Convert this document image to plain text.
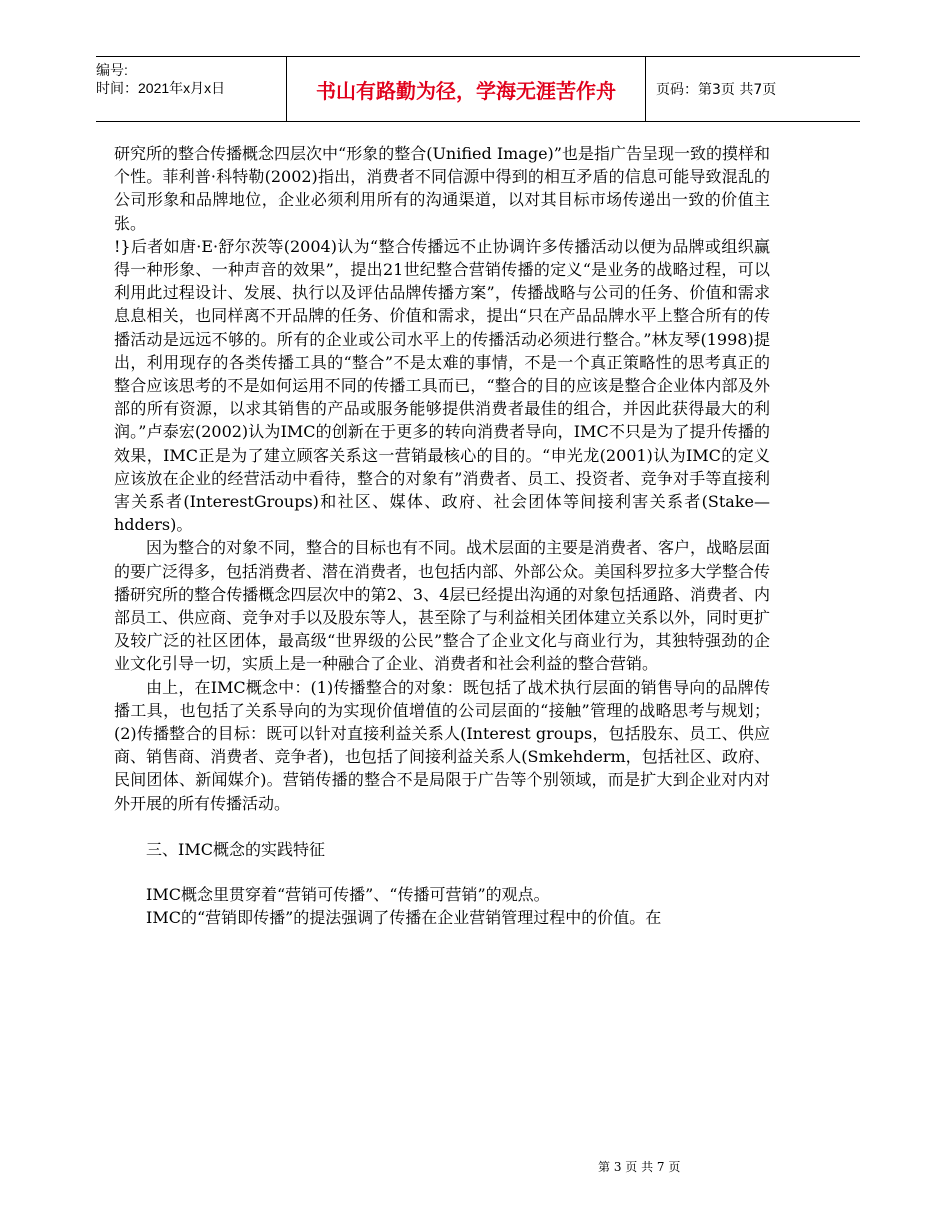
编号:
时间：2021年x月x日	书山有路勤为径，学海无涯苦作舟	页码：第3页 共7页

研究所的整合传播概念四层次中“形象的整合(Unified Image)”也是指广告呈现一致的摸样和个性。菲利普·科特勒(2002)指出，消费者不同信源中得到的相互矛盾的信息可能导致混乱的公司形象和品牌地位，企业必须利用所有的沟通渠道，以对其目标市场传递出一致的价值主张。

!}后者如唐·E·舒尔茨等(2004)认为“整合传播远不止协调许多传播活动以便为品牌或组织赢得一种形象、一种声音的效果”，提出21世纪整合营销传播的定义“是业务的战略过程，可以利用此过程设计、发展、执行以及评估品牌传播方案”，传播战略与公司的任务、价值和需求息息相关，也同样离不开品牌的任务、价值和需求，提出“只在产品品牌水平上整合所有的传播活动是远远不够的。所有的企业或公司水平上的传播活动必须进行整合。”林友琴(1998)提出，利用现存的各类传播工具的“整合”不是太难的事情，不是一个真正策略性的思考真正的整合应该思考的不是如何运用不同的传播工具而已，“整合的目的应该是整合企业体内部及外部的所有资源，以求其销售的产品或服务能够提供消费者最佳的组合，并因此获得最大的利润。”卢泰宏(2002)认为IMC的创新在于更多的转向消费者导向，IMC不只是为了提升传播的效果，IMC正是为了建立顾客关系这一营销最核心的目的。“申光龙(2001)认为IMC的定义应该放在企业的经营活动中看待，整合的对象有”消费者、员工、投资者、竞争对手等直接利害关系者(InterestGroups)和社区、媒体、政府、社会团体等间接利害关系者(Stake—hdders)。

因为整合的对象不同，整合的目标也有不同。战术层面的主要是消费者、客户，战略层面的要广泛得多，包括消费者、潜在消费者，也包括内部、外部公众。美国科罗拉多大学整合传播研究所的整合传播概念四层次中的第2、3、4层已经提出沟通的对象包括通路、消费者、内部员工、供应商、竞争对手以及股东等人，甚至除了与利益相关团体建立关系以外，同时更扩及较广泛的社区团体，最高级“世界级的公民”整合了企业文化与商业行为，其独特强劲的企业文化引导一切，实质上是一种融合了企业、消费者和社会利益的整合营销。

由上，在IMC概念中：(1)传播整合的对象：既包括了战术执行层面的销售导向的品牌传播工具，也包括了关系导向的为实现价值增值的公司层面的“接触”管理的战略思考与规划；(2)传播整合的目标：既可以针对直接利益关系人(Interest groups，包括股东、员工、供应商、销售商、消费者、竞争者)，也包括了间接利益关系人(Smkehderm，包括社区、政府、民间团体、新闻媒介)。营销传播的整合不是局限于广告等个别领域，而是扩大到企业对内对外开展的所有传播活动。

三、IMC概念的实践特征

IMC概念里贯穿着“营销可传播”、“传播可营销”的观点。

IMC的“营销即传播”的提法强调了传播在企业营销管理过程中的价值。在

第 3 页 共 7 页
